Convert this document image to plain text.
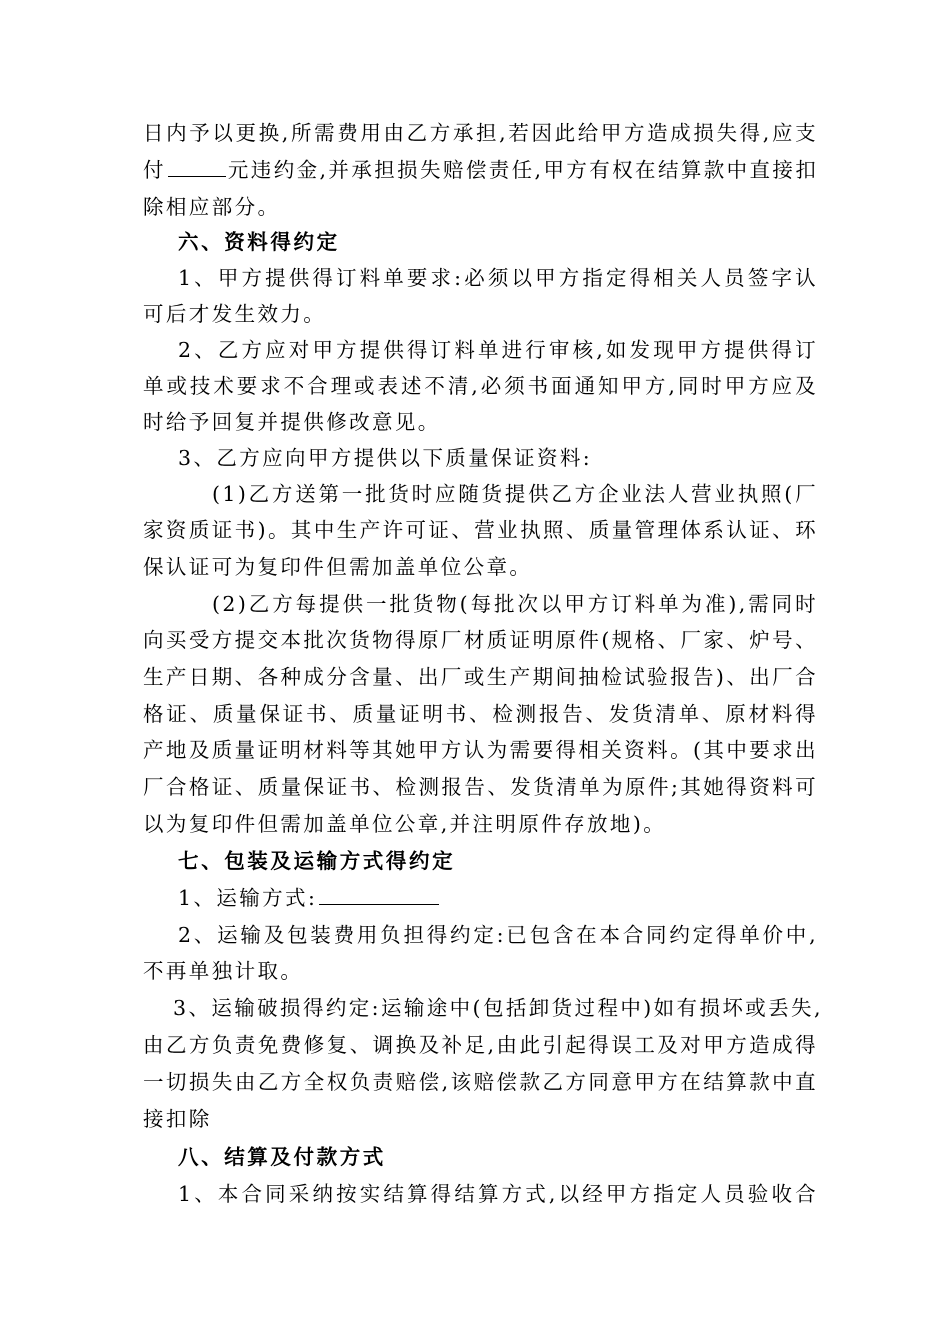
日内予以更换,所需费用由乙方承担,若因此给甲方造成损失得,应支
付	元违约金,并承担损失赔偿责任,甲方有权在结算款中直接扣
除相应部分。
六、资料得约定
1、甲方提供得订料单要求:必须以甲方指定得相关人员签字认
可后才发生效力。
2、乙方应对甲方提供得订料单进行审核,如发现甲方提供得订
单或技术要求不合理或表述不清,必须书面通知甲方,同时甲方应及
时给予回复并提供修改意见。
3、乙方应向甲方提供以下质量保证资料:
(1)乙方送第一批货时应随货提供乙方企业法人营业执照(厂
家资质证书)。其中生产许可证、营业执照、质量管理体系认证、环
保认证可为复印件但需加盖单位公章。
(2)乙方每提供一批货物(每批次以甲方订料单为准),需同时
向买受方提交本批次货物得原厂材质证明原件(规格、厂家、炉号、
生产日期、各种成分含量、出厂或生产期间抽检试验报告)、出厂合
格证、质量保证书、质量证明书、检测报告、发货清单、原材料得
产地及质量证明材料等其她甲方认为需要得相关资料。(其中要求出
厂合格证、质量保证书、检测报告、发货清单为原件;其她得资料可
以为复印件但需加盖单位公章,并注明原件存放地)。
七、包装及运输方式得约定
1、运输方式:
2、运输及包装费用负担得约定:已包含在本合同约定得单价中,
不再单独计取。
3、运输破损得约定:运输途中(包括卸货过程中)如有损坏或丢失,
由乙方负责免费修复、调换及补足,由此引起得误工及对甲方造成得
一切损失由乙方全权负责赔偿,该赔偿款乙方同意甲方在结算款中直
接扣除
八、结算及付款方式
1、本合同采纳按实结算得结算方式,以经甲方指定人员验收合
